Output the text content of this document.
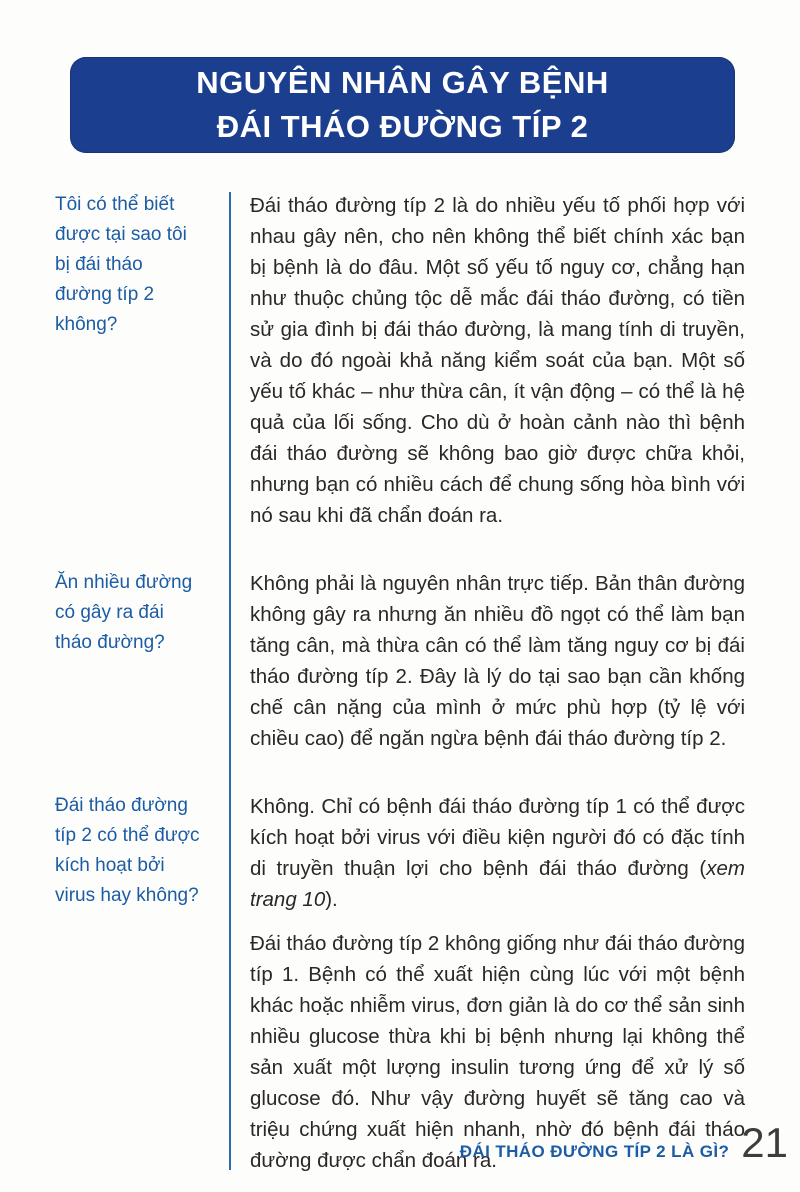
NGUYÊN NHÂN GÂY BỆNH
ĐÁI THÁO ĐƯỜNG TÍP 2
Tôi có thể biết được tại sao tôi bị đái tháo đường típ 2 không?

Đái tháo đường típ 2 là do nhiều yếu tố phối hợp với nhau gây nên, cho nên không thể biết chính xác bạn bị bệnh là do đâu. Một số yếu tố nguy cơ, chẳng hạn như thuộc chủng tộc dễ mắc đái tháo đường, có tiền sử gia đình bị đái tháo đường, là mang tính di truyền, và do đó ngoài khả năng kiểm soát của bạn. Một số yếu tố khác – như thừa cân, ít vận động – có thể là hệ quả của lối sống. Cho dù ở hoàn cảnh nào thì bệnh đái tháo đường sẽ không bao giờ được chữa khỏi, nhưng bạn có nhiều cách để chung sống hòa bình với nó sau khi đã chẩn đoán ra.

Ăn nhiều đường có gây ra đái tháo đường?

Không phải là nguyên nhân trực tiếp. Bản thân đường không gây ra nhưng ăn nhiều đồ ngọt có thể làm bạn tăng cân, mà thừa cân có thể làm tăng nguy cơ bị đái tháo đường típ 2. Đây là lý do tại sao bạn cần khống chế cân nặng của mình ở mức phù hợp (tỷ lệ với chiều cao) để ngăn ngừa bệnh đái tháo đường típ 2.

Đái tháo đường típ 2 có thể được kích hoạt bởi virus hay không?

Không. Chỉ có bệnh đái tháo đường típ 1 có thể được kích hoạt bởi virus với điều kiện người đó có đặc tính di truyền thuận lợi cho bệnh đái tháo đường (xem trang 10).

Đái tháo đường típ 2 không giống như đái tháo đường típ 1. Bệnh có thể xuất hiện cùng lúc với một bệnh khác hoặc nhiễm virus, đơn giản là do cơ thể sản sinh nhiều glucose thừa khi bị bệnh nhưng lại không thể sản xuất một lượng insulin tương ứng để xử lý số glucose đó. Như vậy đường huyết sẽ tăng cao và triệu chứng xuất hiện nhanh, nhờ đó bệnh đái tháo đường được chẩn đoán ra.

ĐÁI THÁO ĐƯỜNG TÍP 2 LÀ GÌ? 21
